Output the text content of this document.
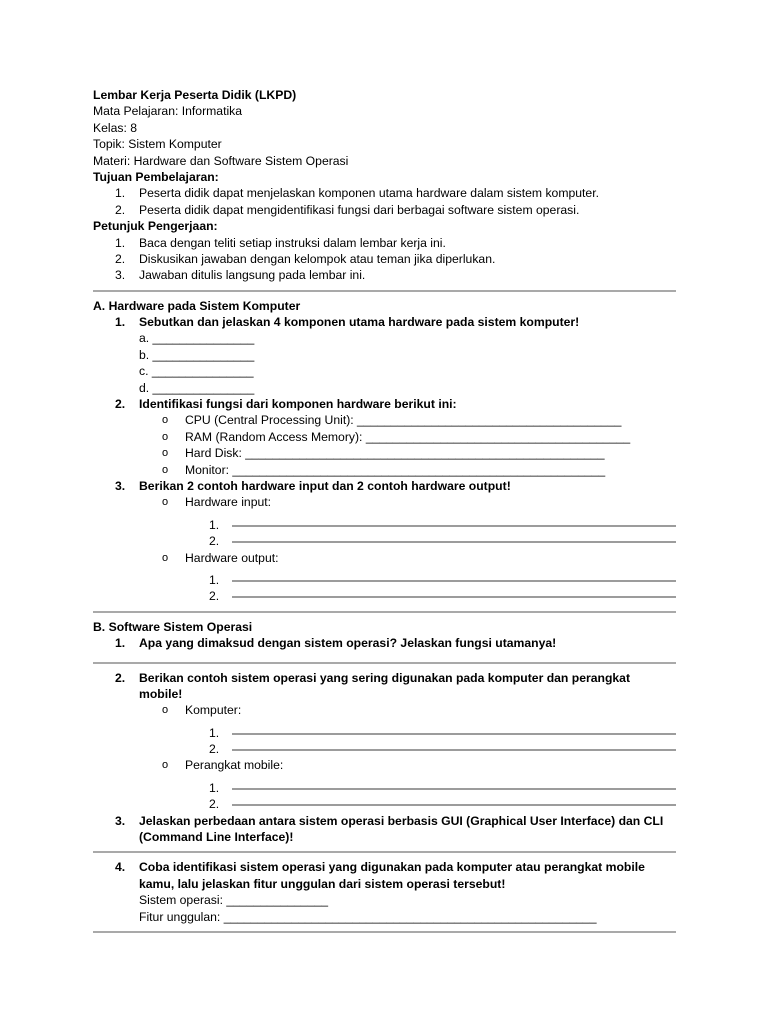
Lembar Kerja Peserta Didik (LKPD)
Mata Pelajaran: Informatika
Kelas: 8
Topik: Sistem Komputer
Materi: Hardware dan Software Sistem Operasi
Tujuan Pembelajaran:
1.	Peserta didik dapat menjelaskan komponen utama hardware dalam sistem komputer.
2.	Peserta didik dapat mengidentifikasi fungsi dari berbagai software sistem operasi.
Petunjuk Pengerjaan:
1.	Baca dengan teliti setiap instruksi dalam lembar kerja ini.
2.	Diskusikan jawaban dengan kelompok atau teman jika diperlukan.
3.	Jawaban ditulis langsung pada lembar ini.
A. Hardware pada Sistem Komputer
1.	Sebutkan dan jelaskan 4 komponen utama hardware pada sistem komputer!
a. _______________
b. _______________
c. _______________
d. _______________
2.	Identifikasi fungsi dari komponen hardware berikut ini:
o CPU (Central Processing Unit): _______________________________________
o RAM (Random Access Memory): _______________________________________
o Hard Disk: _____________________________________________________
o Monitor: _______________________________________________________
3.	Berikan 2 contoh hardware input dan 2 contoh hardware output!
o Hardware input:
1.
2.
o Hardware output:
1.
2.
B. Software Sistem Operasi
1.	Apa yang dimaksud dengan sistem operasi? Jelaskan fungsi utamanya!
2.	Berikan contoh sistem operasi yang sering digunakan pada komputer dan perangkat
mobile!
o Komputer:
1.
2.
o Perangkat mobile:
1.
2.
3.	Jelaskan perbedaan antara sistem operasi berbasis GUI (Graphical User Interface) dan CLI
(Command Line Interface)!
4.	Coba identifikasi sistem operasi yang digunakan pada komputer atau perangkat mobile
kamu, lalu jelaskan fitur unggulan dari sistem operasi tersebut!
Sistem operasi: _______________
Fitur unggulan: _______________________________________________________
